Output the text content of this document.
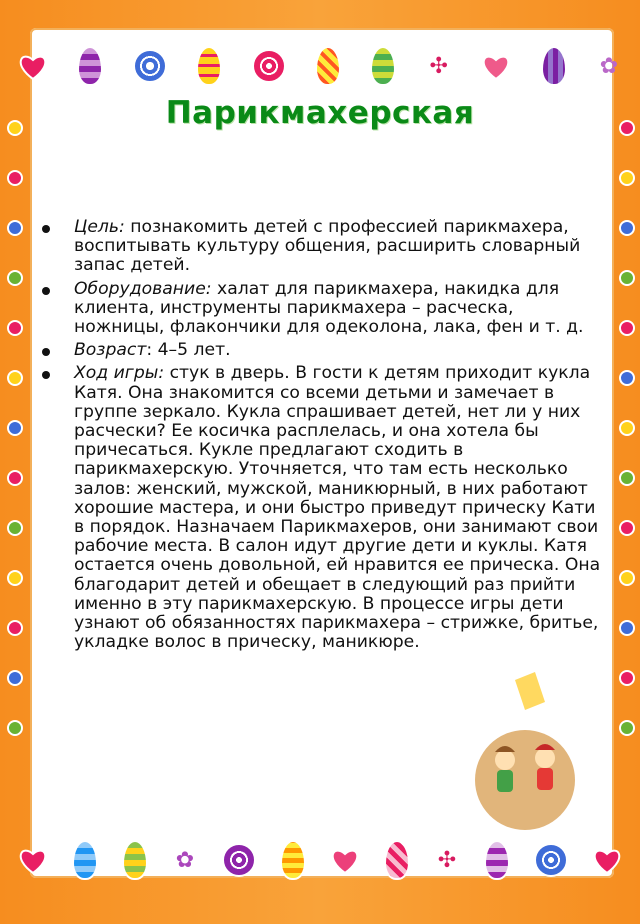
✣	✿
✿	✣
Парикмахерская
Цель: познакомить детей с профессией парикмахера, воспитывать культуру общения, расширить словарный запас детей.
Оборудование: халат для парикмахера, накидка для клиента, инструменты парикмахера – расческа, ножницы, флакончики для одеколона, лака, фен и т. д.
Возраст: 4–5 лет.
Ход игры: стук в дверь. В гости к детям приходит кукла Катя. Она знакомится со всеми детьми и замечает в группе зеркало. Кукла спрашивает детей, нет ли у них расчески? Ее косичка расплелась, и она хотела бы причесаться. Кукле предлагают сходить в парикмахерскую. Уточняется, что там есть несколько залов: женский, мужской, маникюрный, в них работают хорошие мастера, и они быстро приведут прическу Кати в порядок. Назначаем Парикмахеров, они занимают свои рабочие места. В салон идут другие дети и куклы. Катя остается очень довольной, ей нравится ее прическа. Она благодарит детей и обещает в следующий раз прийти именно в эту парикмахерскую. В процессе игры дети узнают об обязанностях парикмахера – стрижке, бритье, укладке волос в прическу, маникюре.
